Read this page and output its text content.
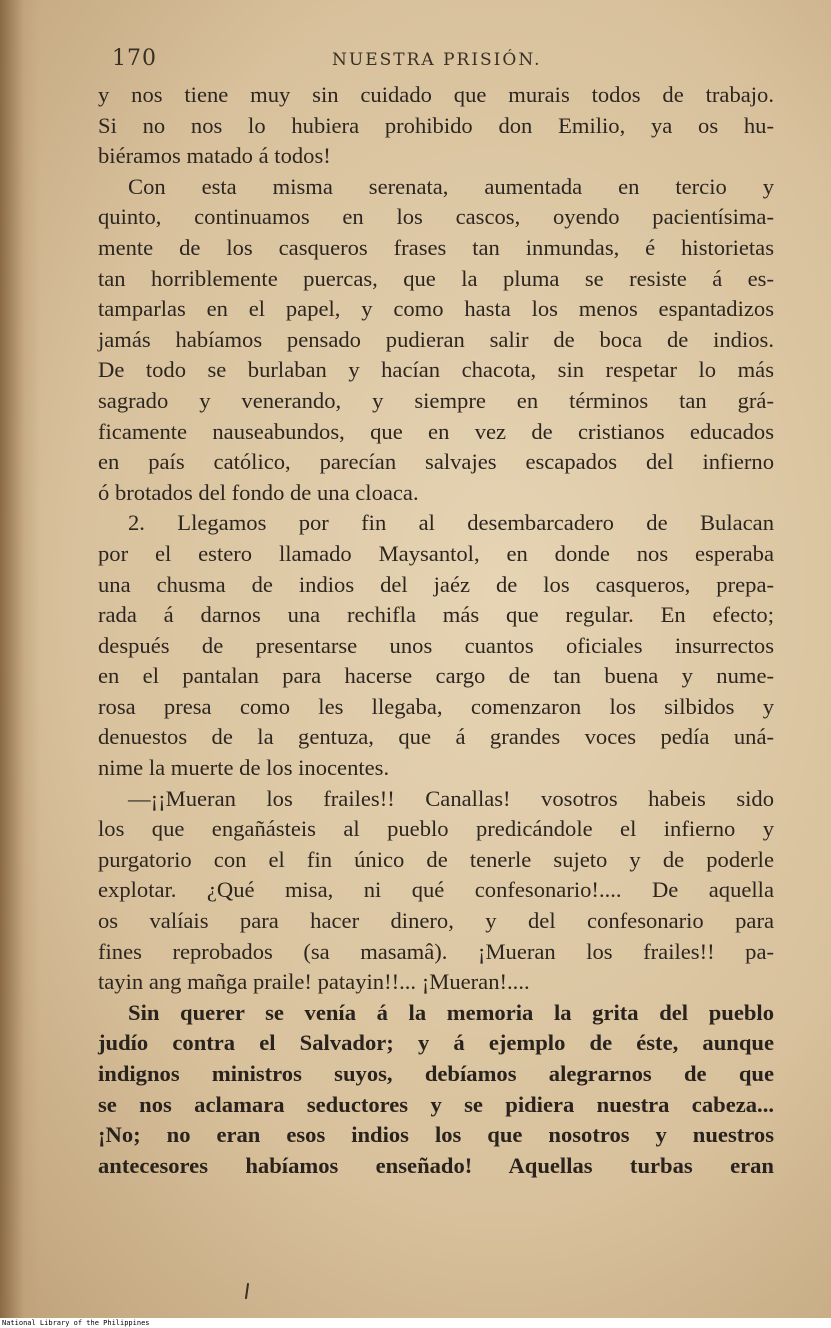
170	NUESTRA PRISIÓN.
y nos tiene muy sin cuidado que murais todos de trabajo.
Si no nos lo hubiera prohibido don Emilio, ya os hu-
biéramos matado á todos!
Con esta misma serenata, aumentada en tercio y
quinto, continuamos en los cascos, oyendo pacientísima-
mente de los casqueros frases tan inmundas, é historietas
tan horriblemente puercas, que la pluma se resiste á es-
tamparlas en el papel, y como hasta los menos espantadizos
jamás habíamos pensado pudieran salir de boca de indios.
De todo se burlaban y hacían chacota, sin respetar lo más
sagrado y venerando, y siempre en términos tan grá-
ficamente nauseabundos, que en vez de cristianos educados
en país católico, parecían salvajes escapados del infierno
ó brotados del fondo de una cloaca.
2. Llegamos por fin al desembarcadero de Bulacan
por el estero llamado Maysantol, en donde nos esperaba
una chusma de indios del jaéz de los casqueros, prepa-
rada á darnos una rechifla más que regular. En efecto;
después de presentarse unos cuantos oficiales insurrectos
en el pantalan para hacerse cargo de tan buena y nume-
rosa presa como les llegaba, comenzaron los silbidos y
denuestos de la gentuza, que á grandes voces pedía uná-
nime la muerte de los inocentes.
—¡¡Mueran los frailes!! Canallas! vosotros habeis sido
los que engañásteis al pueblo predicándole el infierno y
purgatorio con el fin único de tenerle sujeto y de poderle
explotar. ¿Qué misa, ni qué confesonario!.... De aquella
os valíais para hacer dinero, y del confesonario para
fines reprobados (sa masamâ). ¡Mueran los frailes!! pa-
tayin ang mañga praile! patayin!!... ¡Mueran!....
Sin querer se venía á la memoria la grita del pueblo
judío contra el Salvador; y á ejemplo de éste, aunque
indignos ministros suyos, debíamos alegrarnos de que
se nos aclamara seductores y se pidiera nuestra cabeza...
¡No; no eran esos indios los que nosotros y nuestros
antecesores habíamos enseñado! Aquellas turbas eran
National Library of the Philippines
